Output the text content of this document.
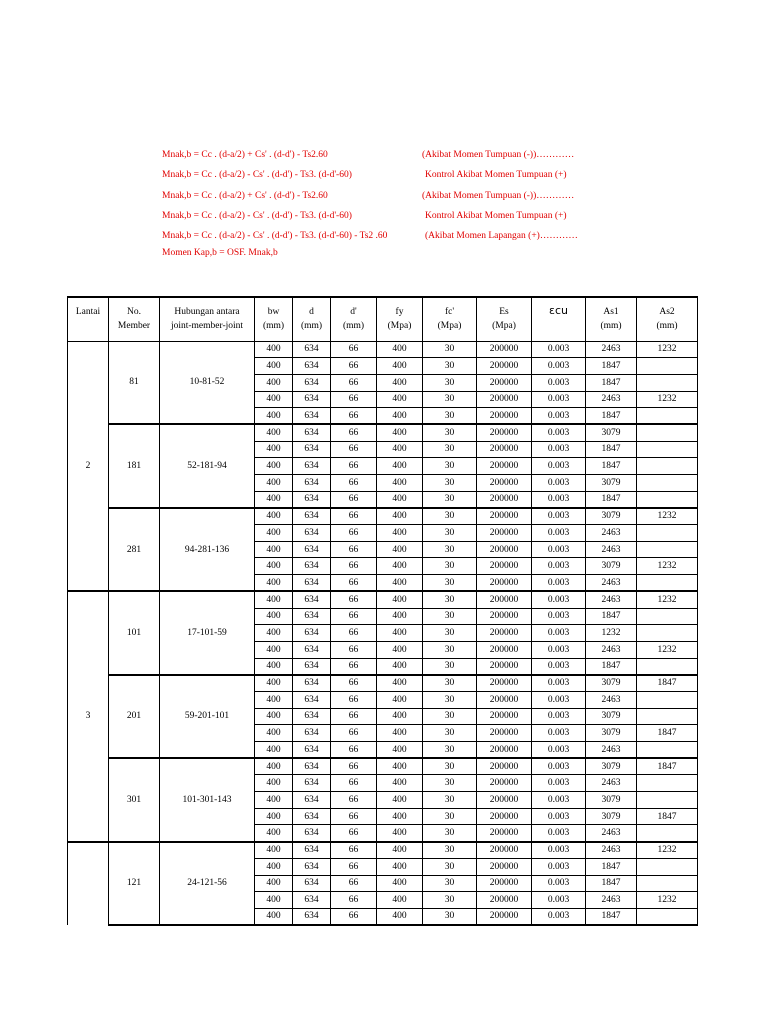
Mnak,b = Cc . (d-a/2) + Cs' . (d-d') - Ts2.60	(Akibat Momen Tumpuan (-))…………
Mnak,b = Cc . (d-a/2) - Cs' . (d-d') - Ts3. (d-d'-60)	Kontrol Akibat Momen Tumpuan (+)
Mnak,b = Cc . (d-a/2) + Cs' . (d-d') - Ts2.60	(Akibat Momen Tumpuan (-))…………
Mnak,b = Cc . (d-a/2) - Cs' . (d-d') - Ts3. (d-d'-60)	Kontrol Akibat Momen Tumpuan (+)
Mnak,b = Cc . (d-a/2) - Cs' . (d-d') - Ts3. (d-d'-60) - Ts2 .60	(Akibat Momen Lapangan (+)…………
Momen Kap,b = OSF. Mnak,b
Lantai	No.	Hubungan antara	bw	d	d'	fy	fc'	Es	εcu	As1	As2
	Member	joint-member-joint	(mm)	(mm)	(mm)	(Mpa)	(Mpa)	(Mpa)		(mm)	(mm)
2	81	10-81-52	400	634	66	400	30	200000	0.003	2463	1232
			400	634	66	400	30	200000	0.003	1847	
			400	634	66	400	30	200000	0.003	1847	
			400	634	66	400	30	200000	0.003	2463	1232
			400	634	66	400	30	200000	0.003	1847	
	181	52-181-94	400	634	66	400	30	200000	0.003	3079	
			400	634	66	400	30	200000	0.003	1847	
			400	634	66	400	30	200000	0.003	1847	
			400	634	66	400	30	200000	0.003	3079	
			400	634	66	400	30	200000	0.003	1847	
	281	94-281-136	400	634	66	400	30	200000	0.003	3079	1232
			400	634	66	400	30	200000	0.003	2463	
			400	634	66	400	30	200000	0.003	2463	
			400	634	66	400	30	200000	0.003	3079	1232
			400	634	66	400	30	200000	0.003	2463	
3	101	17-101-59	400	634	66	400	30	200000	0.003	2463	1232
			400	634	66	400	30	200000	0.003	1847	
			400	634	66	400	30	200000	0.003	1232	
			400	634	66	400	30	200000	0.003	2463	1232
			400	634	66	400	30	200000	0.003	1847	
	201	59-201-101	400	634	66	400	30	200000	0.003	3079	1847
			400	634	66	400	30	200000	0.003	2463	
			400	634	66	400	30	200000	0.003	3079	
			400	634	66	400	30	200000	0.003	3079	1847
			400	634	66	400	30	200000	0.003	2463	
	301	101-301-143	400	634	66	400	30	200000	0.003	3079	1847
			400	634	66	400	30	200000	0.003	2463	
			400	634	66	400	30	200000	0.003	3079	
			400	634	66	400	30	200000	0.003	3079	1847
			400	634	66	400	30	200000	0.003	2463	
	121	24-121-56	400	634	66	400	30	200000	0.003	2463	1232
			400	634	66	400	30	200000	0.003	1847	
			400	634	66	400	30	200000	0.003	1847	
			400	634	66	400	30	200000	0.003	2463	1232
			400	634	66	400	30	200000	0.003	1847	
